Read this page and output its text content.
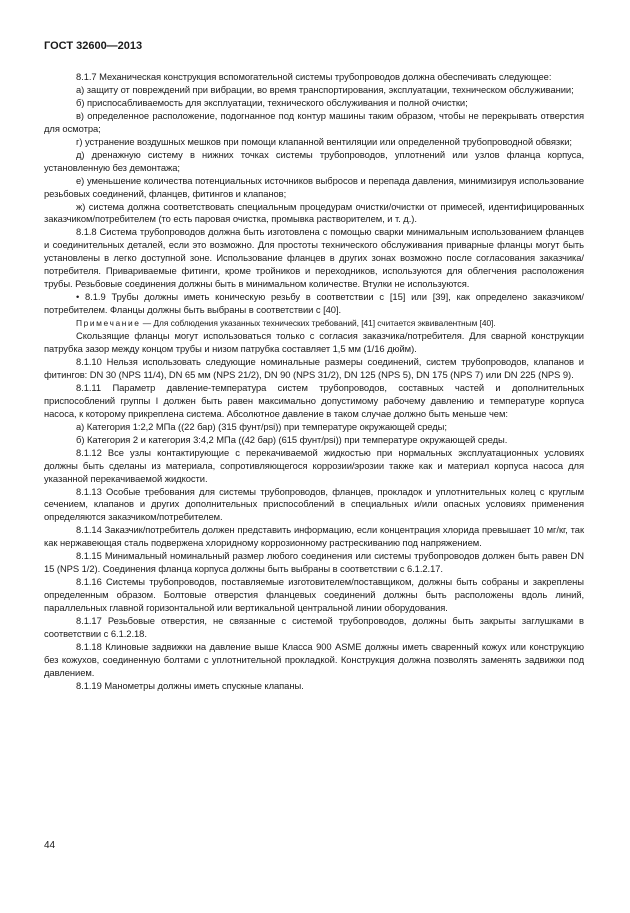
ГОСТ 32600—2013

8.1.7 Механическая конструкция вспомогательной системы трубопроводов должна обеспечивать следующее:

а) защиту от повреждений при вибрации, во время транспортирования, эксплуатации, техническом обслуживании;

б) приспосабливаемость для эксплуатации, технического обслуживания и полной очистки;

в) определенное расположение, подогнанное под контур машины таким образом, чтобы не перекрывать отверстия для осмотра;

г) устранение воздушных мешков при помощи клапанной вентиляции или определенной трубопроводной обвязки;

д) дренажную систему в нижних точках системы трубопроводов, уплотнений или узлов фланца корпуса, установленную без демонтажа;

е) уменьшение количества потенциальных источников выбросов и перепада давления, минимизируя использование резьбовых соединений, фланцев, фитингов и клапанов;

ж) система должна соответствовать специальным процедурам очистки/очистки от примесей, идентифицированных заказчиком/потребителем (то есть паровая очистка, промывка растворителем, и т. д.).

8.1.8 Система трубопроводов должна быть изготовлена с помощью сварки минимальным использованием фланцев и соединительных деталей, если это возможно. Для простоты технического обслуживания приварные фланцы могут быть установлены в легко доступной зоне. Использование фланцев в других зонах возможно после согласования заказчика/потребителя. Привариваемые фитинги, кроме тройников и переходников, используются для облегчения расположения трубы. Резьбовые соединения должны быть в минимальном количестве. Втулки не используются.

• 8.1.9 Трубы должны иметь коническую резьбу в соответствии с [15] или [39], как определено заказчиком/потребителем. Фланцы должны быть выбраны в соответствии с [40].

Примечание — Для соблюдения указанных технических требований, [41] считается эквивалентным [40].

Скользящие фланцы могут использоваться только с согласия заказчика/потребителя. Для сварной конструкции патрубка зазор между концом трубы и низом патрубка составляет 1,5 мм (1/16 дюйм).

8.1.10 Нельзя использовать следующие номинальные размеры соединений, систем трубопроводов, клапанов и фитингов: DN 30 (NPS 11/4), DN 65 мм (NPS 21/2), DN 90 (NPS 31/2), DN 125 (NPS 5), DN 175 (NPS 7) или DN 225 (NPS 9).

8.1.11 Параметр давление-температура систем трубопроводов, составных частей и дополнительных приспособлений группы I должен быть равен максимально допустимому рабочему давлению и температуре корпуса насоса, к которому прикреплена система. Абсолютное давление в таком случае должно быть меньше чем:

а) Категория 1:2,2 МПа ((22 бар) (315 фунт/psi)) при температуре окружающей среды;

б) Категория 2 и категория 3:4,2 МПа ((42 бар) (615 фунт/psi)) при температуре окружающей среды.

8.1.12 Все узлы контактирующие с перекачиваемой жидкостью при нормальных эксплуатационных условиях должны быть сделаны из материала, сопротивляющегося коррозии/эрозии также как и материал корпуса насоса для указанной перекачиваемой жидкости.

8.1.13 Особые требования для системы трубопроводов, фланцев, прокладок и уплотнительных колец с круглым сечением, клапанов и других дополнительных приспособлений в специальных и/или опасных условиях применения определяются заказчиком/потребителем.

8.1.14 Заказчик/потребитель должен представить информацию, если концентрация хлорида превышает 10 мг/кг, так как нержавеющая сталь подвержена хлоридному коррозионному растрескиванию под напряжением.

8.1.15 Минимальный номинальный размер любого соединения или системы трубопроводов должен быть равен DN 15 (NPS 1/2). Соединения фланца корпуса должны быть выбраны в соответствии с 6.1.2.17.

8.1.16 Системы трубопроводов, поставляемые изготовителем/поставщиком, должны быть собраны и закреплены определенным образом. Болтовые отверстия фланцевых соединений должны быть расположены вдоль линий, параллельных главной горизонтальной или вертикальной центральной линии оборудования.

8.1.17 Резьбовые отверстия, не связанные с системой трубопроводов, должны быть закрыты заглушками в соответствии с 6.1.2.18.

8.1.18 Клиновые задвижки на давление выше Класса 900 ASME должны иметь сваренный кожух или конструкцию без кожухов, соединенную болтами с уплотнительной прокладкой. Конструкция должна позволять заменять задвижки под давлением.

8.1.19 Манометры должны иметь спускные клапаны.

44
